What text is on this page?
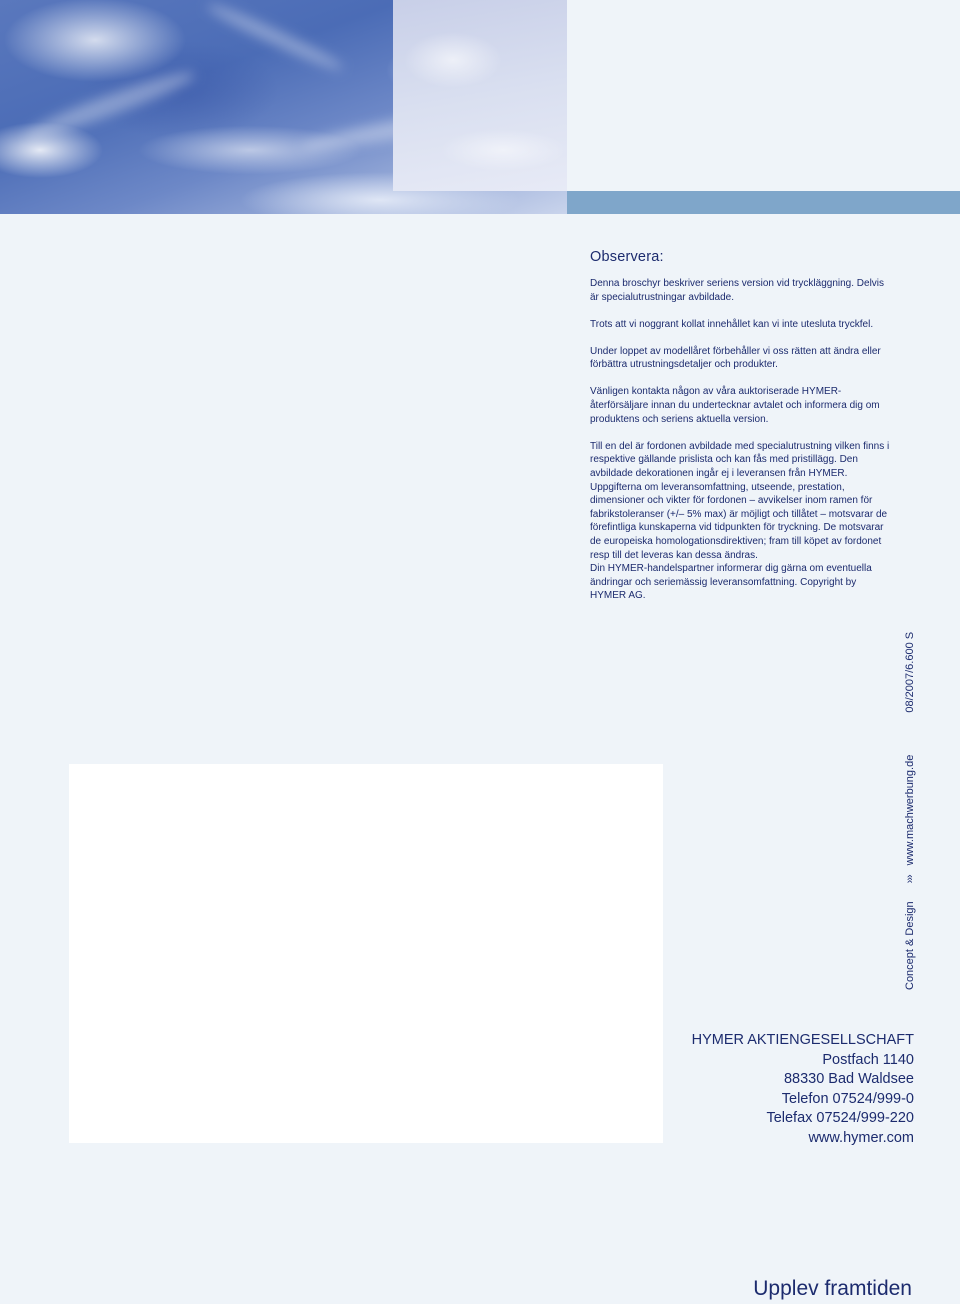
Observera:

Denna broschyr beskriver seriens version vid tryckläggning. Delvis är specialutrustningar avbildade.

Trots att vi noggrant kollat innehållet kan vi inte utesluta tryckfel.

Under loppet av modellåret förbehåller vi oss rätten att ändra eller förbättra utrustningsdetaljer och produkter.

Vänligen kontakta någon av våra auktoriserade HYMER-återförsäljare innan du undertecknar avtalet och informera dig om produktens och seriens aktuella version.

Till en del är fordonen avbildade med specialutrustning vilken finns i respektive gällande prislista och kan fås med pristillägg. Den avbildade dekorationen ingår ej i leveransen från HYMER. Uppgifterna om leveransomfattning, utseende, prestation, dimensioner och vikter för fordonen – avvikelser inom ramen för fabrikstoleranser (+/– 5% max) är möjligt och tillåtet – motsvarar de förefintliga kunskaperna vid tidpunkten för tryckning. De motsvarar de europeiska homologationsdirektiven; fram till köpet av fordonet resp till det leveras kan dessa ändras.

Din HYMER-handelspartner informerar dig gärna om eventuella ändringar och seriemässig leveransomfattning. Copyright by HYMER AG.

Concept & Design
›››
www.machwerbung.de
08/2007/6.600 S
HYMER AKTIENGESELLSCHAFT
Postfach 1140
88330 Bad Waldsee
Telefon 07524/999-0
Telefax 07524/999-220
www.hymer.com
Upplev framtiden
